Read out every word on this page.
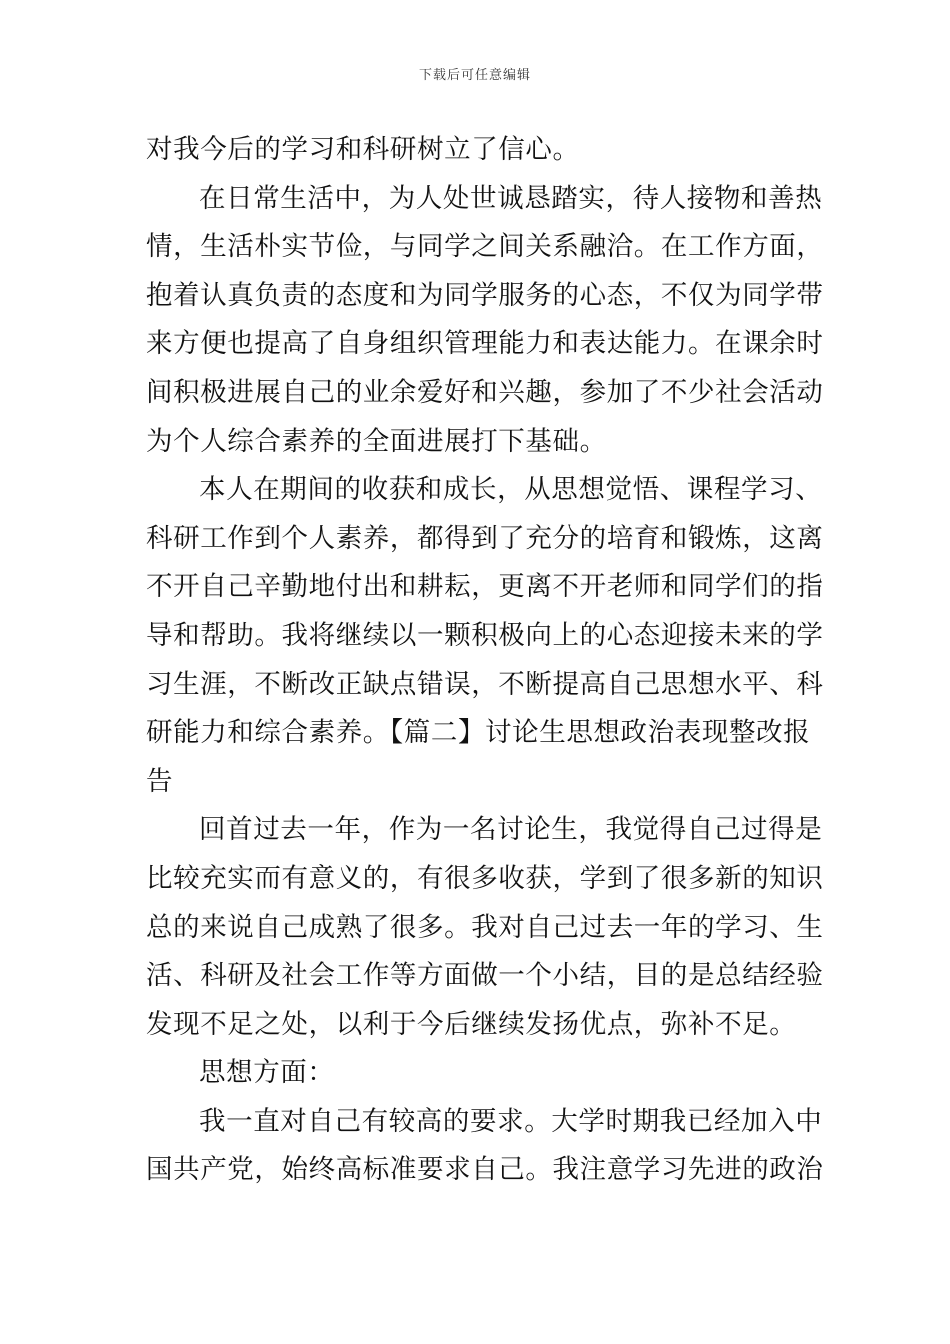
下载后可任意编辑
对我今后的学习和科研树立了信心。
在日常生活中，为人处世诚恳踏实，待人接物和善热
情，生活朴实节俭，与同学之间关系融洽。在工作方面，
抱着认真负责的态度和为同学服务的心态，不仅为同学带
来方便也提高了自身组织管理能力和表达能力。在课余时
间积极进展自己的业余爱好和兴趣，参加了不少社会活动
为个人综合素养的全面进展打下基础。
本人在期间的收获和成长，从思想觉悟、课程学习、
科研工作到个人素养，都得到了充分的培育和锻炼，这离
不开自己辛勤地付出和耕耘，更离不开老师和同学们的指
导和帮助。我将继续以一颗积极向上的心态迎接未来的学
习生涯，不断改正缺点错误，不断提高自己思想水平、科
研能力和综合素养。【篇二】讨论生思想政治表现整改报
告
回首过去一年，作为一名讨论生，我觉得自己过得是
比较充实而有意义的，有很多收获，学到了很多新的知识
总的来说自己成熟了很多。我对自己过去一年的学习、生
活、科研及社会工作等方面做一个小结，目的是总结经验
发现不足之处，以利于今后继续发扬优点，弥补不足。
思想方面：
我一直对自己有较高的要求。大学时期我已经加入中
国共产党，始终高标准要求自己。我注意学习先进的政治
